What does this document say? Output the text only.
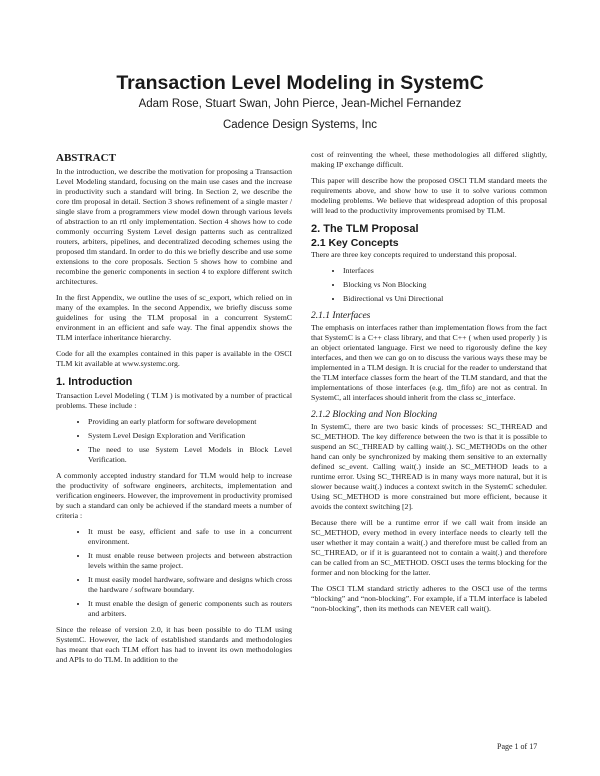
Transaction Level Modeling in SystemC
Adam Rose, Stuart Swan, John Pierce, Jean-Michel Fernandez
Cadence Design Systems, Inc
ABSTRACT

In the introduction, we describe the motivation for proposing a Transaction Level Modeling standard, focusing on the main use cases and the increase in productivity such a standard will bring. In Section 2, we describe the core tlm proposal in detail. Section 3 shows refinement of a single master / single slave from a programmers view model down through various levels of abstraction to an rtl only implementation. Section 4 shows how to code commonly occurring System Level design patterns such as centralized routers, arbiters, pipelines, and decentralized decoding schemes using the proposed tlm standard. In order to do this we briefly describe and use some extensions to the core proposals. Section 5 shows how to combine and recombine the generic components in section 4 to explore different switch architectures.

In the first Appendix, we outline the uses of sc_export, which relied on in many of the examples. In the second Appendix, we briefly discuss some guidelines for using the TLM proposal in a concurrent SystemC environment in an efficient and safe way. The final appendix shows the TLM interface inheritance hierarchy.

Code for all the examples contained in this paper is available in the OSCI TLM kit available at www.systemc.org.

1. Introduction

Transaction Level Modeling ( TLM ) is motivated by a number of practical problems. These include :

• Providing an early platform for software development
• System Level Design Exploration and Verification
• The need to use System Level Models in Block Level Verification.

A commonly accepted industry standard for TLM would help to increase the productivity of software engineers, architects, implementation and verification engineers. However, the improvement in productivity promised by such a standard can only be achieved if the standard meets a number of criteria :

• It must be easy, efficient and safe to use in a concurrent environment.
• It must enable reuse between projects and between abstraction levels within the same project.
• It must easily model hardware, software and designs which cross the hardware / software boundary.
• It must enable the design of generic components such as routers and arbiters.

Since the release of version 2.0, it has been possible to do TLM using SystemC. However, the lack of established standards and methodologies has meant that each TLM effort has had to invent its own methodologies and APIs to do TLM. In addition to the

cost of reinventing the wheel, these methodologies all differed slightly, making IP exchange difficult.

This paper will describe how the proposed OSCI TLM standard meets the requirements above, and show how to use it to solve various common modeling problems. We believe that widespread adoption of this proposal will lead to the productivity improvements promised by TLM.

2. The TLM Proposal
2.1 Key Concepts

There are three key concepts required to understand this proposal.

• Interfaces
• Blocking vs Non Blocking
• Bidirectional vs Uni Directional
2.1.1 Interfaces

The emphasis on interfaces rather than implementation flows from the fact that SystemC is a C++ class library, and that C++ ( when used properly ) is an object orientated language. First we need to rigorously define the key interfaces, and then we can go on to discuss the various ways these may be implemented in a TLM design. It is crucial for the reader to understand that the TLM interface classes form the heart of the TLM standard, and that the implementations of those interfaces (e.g. tlm_fifo) are not as central. In SystemC, all interfaces should inherit from the class sc_interface.

2.1.2 Blocking and Non Blocking

In SystemC, there are two basic kinds of processes: SC_THREAD and SC_METHOD. The key difference between the two is that it is possible to suspend an SC_THREAD by calling wait(.). SC_METHODs on the other hand can only be synchronized by making them sensitive to an externally defined sc_event. Calling wait(.) inside an SC_METHOD leads to a runtime error. Using SC_THREAD is in many ways more natural, but it is slower because wait(.) induces a context switch in the SystemC scheduler. Using SC_METHOD is more constrained but more efficient, because it avoids the context switching [2].

Because there will be a runtime error if we call wait from inside an SC_METHOD, every method in every interface needs to clearly tell the user whether it may contain a wait(.) and therefore must be called from an SC_THREAD, or if it is guaranteed not to contain a wait(.) and therefore can be called from an SC_METHOD. OSCI uses the terms blocking for the former and non blocking for the latter.

The OSCI TLM standard strictly adheres to the OSCI use of the terms “blocking” and “non-blocking”. For example, if a TLM interface is labeled “non-blocking”, then its methods can NEVER call wait().

Page 1 of 17
